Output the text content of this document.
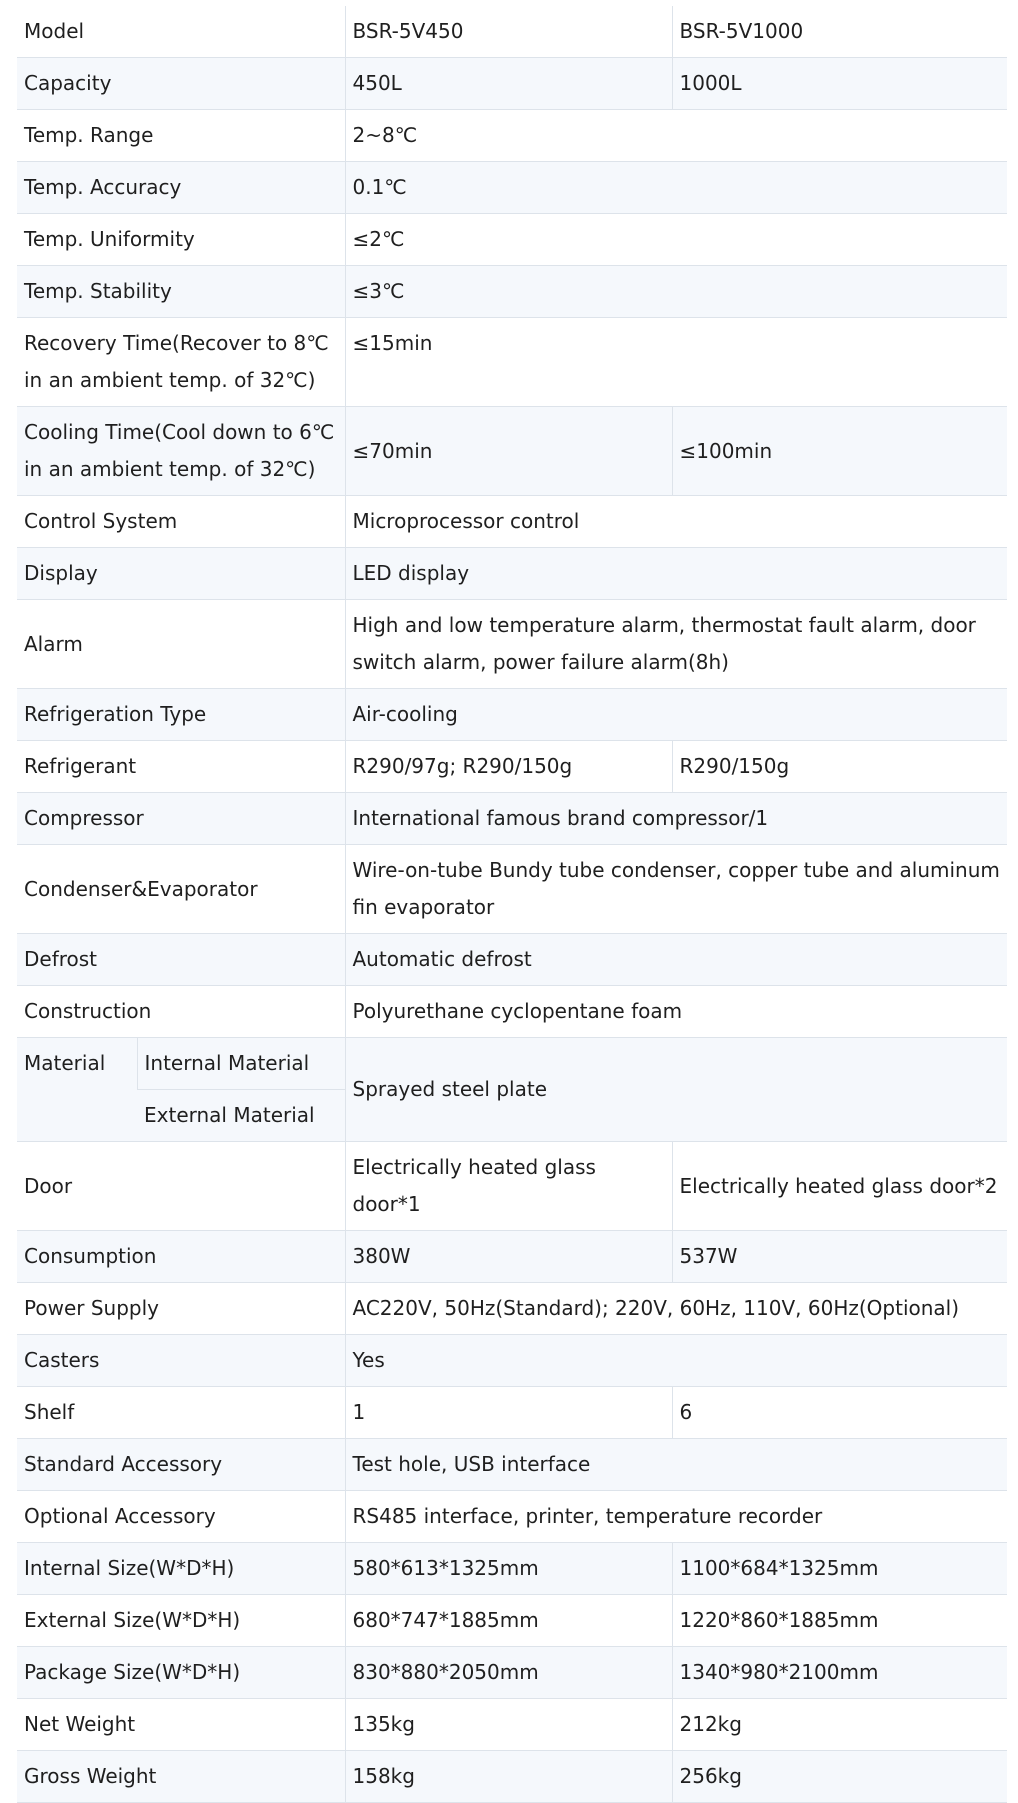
Model		BSR-5V450	BSR-5V1000
Capacity		450L	1000L
Temp. Range		2~8℃	
Temp. Accuracy		0.1℃	
Temp. Uniformity		≤2℃	
Temp. Stability		≤3℃	
Recovery Time(Recover to 8℃ in an ambient temp. of 32℃)		≤15min	
Cooling Time(Cool down to 6℃ in an ambient temp. of 32℃)		≤70min	≤100min
Control System		Microprocessor control	
Display		LED display	
Alarm		High and low temperature alarm, thermostat fault alarm, door switch alarm, power failure alarm(8h)	
Refrigeration Type		Air-cooling	
Refrigerant		R290/97g; R290/150g	R290/150g
Compressor		International famous brand compressor/1	
Condenser&Evaporator		Wire-on-tube Bundy tube condenser, copper tube and aluminum fin evaporator	
Defrost		Automatic defrost	
Construction		Polyurethane cyclopentane foam	
Material	Internal Material	Sprayed steel plate	
	External Material		
Door		Electrically heated glass door*1	Electrically heated glass door*2
Consumption		380W	537W
Power Supply		AC220V, 50Hz(Standard); 220V, 60Hz, 110V, 60Hz(Optional)	
Casters		Yes	
Shelf		1	6
Standard Accessory		Test hole, USB interface	
Optional Accessory		RS485 interface, printer, temperature recorder	
Internal Size(W*D*H)		580*613*1325mm	1100*684*1325mm
External Size(W*D*H)		680*747*1885mm	1220*860*1885mm
Package Size(W*D*H)		830*880*2050mm	1340*980*2100mm
Net Weight		135kg	212kg
Gross Weight		158kg	256kg
